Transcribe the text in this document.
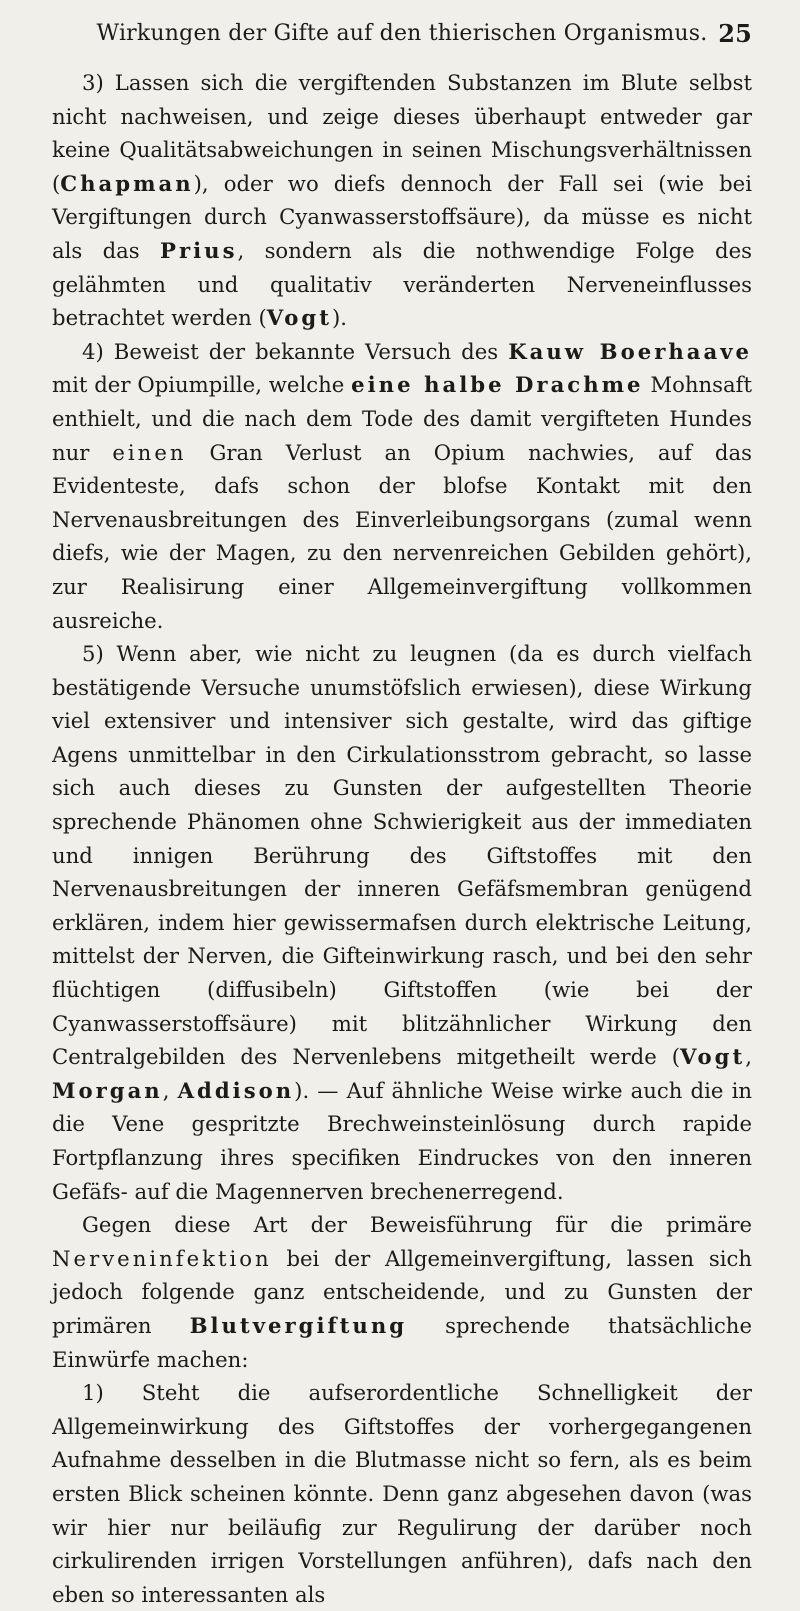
Wirkungen der Gifte auf den thierischen Organismus. 25

3) Lassen sich die vergiftenden Substanzen im Blute selbst nicht nachweisen, und zeige dieses überhaupt entweder gar keine Qualitätsabweichungen in seinen Mischungsverhältnissen (Chapman), oder wo diefs dennoch der Fall sei (wie bei Vergiftungen durch Cyanwasserstoffsäure), da müsse es nicht als das Prius, sondern als die nothwendige Folge des gelähmten und qualitativ veränderten Nerveneinflusses betrachtet werden (Vogt).

4) Beweist der bekannte Versuch des Kauw Boerhaave mit der Opiumpille, welche eine halbe Drachme Mohnsaft enthielt, und die nach dem Tode des damit vergifteten Hundes nur einen Gran Verlust an Opium nachwies, auf das Evidenteste, dafs schon der blofse Kontakt mit den Nervenausbreitungen des Einverleibungsorgans (zumal wenn diefs, wie der Magen, zu den nervenreichen Gebilden gehört), zur Realisirung einer Allgemeinvergiftung vollkommen ausreiche.

5) Wenn aber, wie nicht zu leugnen (da es durch vielfach bestätigende Versuche unumstöfslich erwiesen), diese Wirkung viel extensiver und intensiver sich gestalte, wird das giftige Agens unmittelbar in den Cirkulationsstrom gebracht, so lasse sich auch dieses zu Gunsten der aufgestellten Theorie sprechende Phänomen ohne Schwierigkeit aus der immediaten und innigen Berührung des Giftstoffes mit den Nervenausbreitungen der inneren Gefäfsmembran genügend erklären, indem hier gewissermafsen durch elektrische Leitung, mittelst der Nerven, die Gifteinwirkung rasch, und bei den sehr flüchtigen (diffusibeln) Giftstoffen (wie bei der Cyanwasserstoffsäure) mit blitzähnlicher Wirkung den Centralgebilden des Nervenlebens mitgetheilt werde (Vogt, Morgan, Addison). — Auf ähnliche Weise wirke auch die in die Vene gespritzte Brechweinsteinlösung durch rapide Fortpflanzung ihres specifiken Eindruckes von den inneren Gefäfs- auf die Magennerven brechenerregend.

Gegen diese Art der Beweisführung für die primäre Nerveninfektion bei der Allgemeinvergiftung, lassen sich jedoch folgende ganz entscheidende, und zu Gunsten der primären Blutvergiftung sprechende thatsächliche Einwürfe machen:

1) Steht die aufserordentliche Schnelligkeit der Allgemeinwirkung des Giftstoffes der vorhergegangenen Aufnahme desselben in die Blutmasse nicht so fern, als es beim ersten Blick scheinen könnte. Denn ganz abgesehen davon (was wir hier nur beiläufig zur Regulirung der darüber noch cirkulirenden irrigen Vorstellungen anführen), dafs nach den eben so interessanten als
